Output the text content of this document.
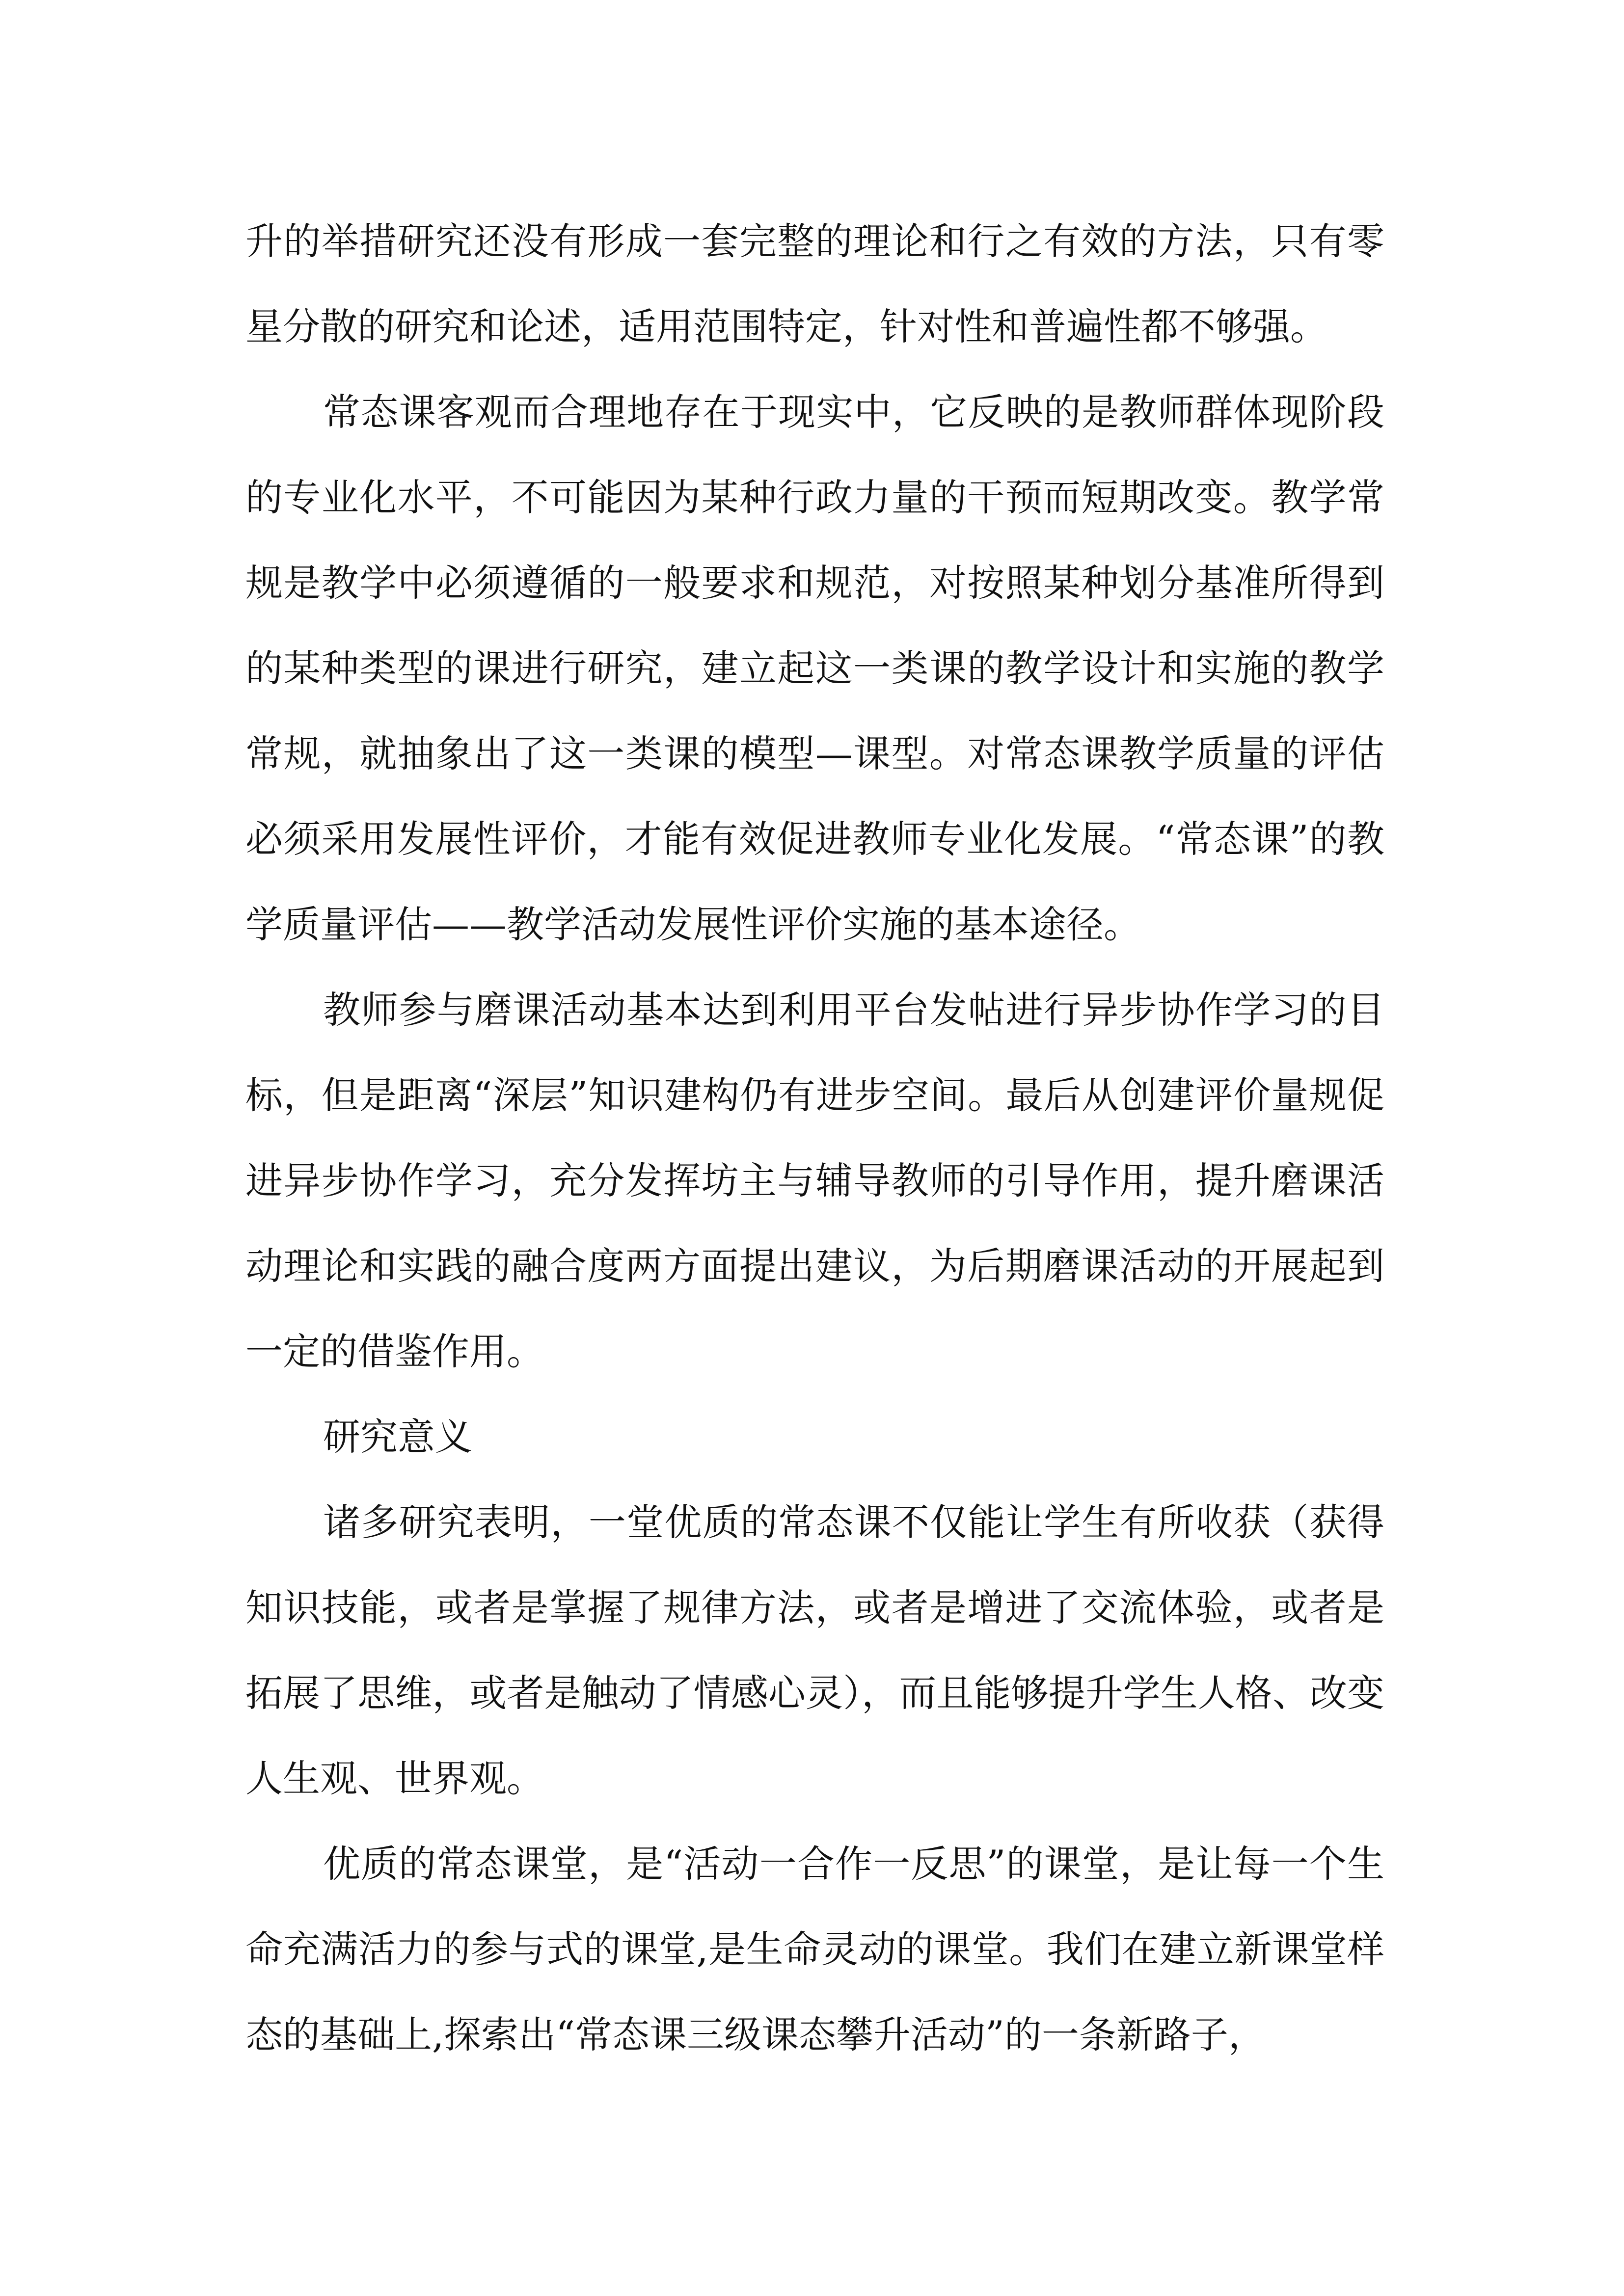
升的举措研究还没有形成一套完整的理论和行之有效的方法，只有零星分散的研究和论述，适用范围特定，针对性和普遍性都不够强。

常态课客观而合理地存在于现实中，它反映的是教师群体现阶段的专业化水平，不可能因为某种行政力量的干预而短期改变。教学常规是教学中必须遵循的一般要求和规范，对按照某种划分基准所得到的某种类型的课进行研究，建立起这一类课的教学设计和实施的教学常规，就抽象出了这一类课的模型—课型。对常态课教学质量的评估必须采用发展性评价，才能有效促进教师专业化发展。“常态课”的教学质量评估——教学活动发展性评价实施的基本途径。

教师参与磨课活动基本达到利用平台发帖进行异步协作学习的目标，但是距离“深层”知识建构仍有进步空间。最后从创建评价量规促进异步协作学习，充分发挥坊主与辅导教师的引导作用，提升磨课活动理论和实践的融合度两方面提出建议，为后期磨课活动的开展起到一定的借鉴作用。

研究意义

诸多研究表明，一堂优质的常态课不仅能让学生有所收获（获得知识技能，或者是掌握了规律方法，或者是增进了交流体验，或者是拓展了思维，或者是触动了情感心灵），而且能够提升学生人格、改变人生观、世界观。

优质的常态课堂，是“活动一合作一反思”的课堂，是让每一个生命充满活力的参与式的课堂,是生命灵动的课堂。我们在建立新课堂样态的基础上,探索出“常态课三级课态攀升活动”的一条新路子，
